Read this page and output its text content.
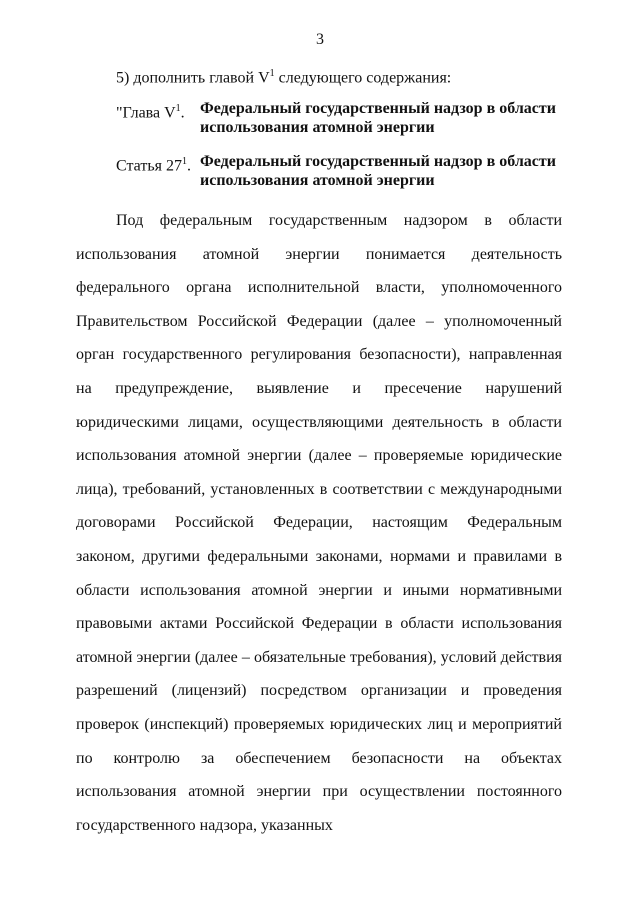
3
5) дополнить главой $V^1$ следующего содержания:
"Глава $V^1$. Федеральный государственный надзор в области использования атомной энергии
Статья $27^1$. Федеральный государственный надзор в области использования атомной энергии

Под федеральным государственным надзором в области использования атомной энергии понимается деятельность федерального органа исполнительной власти, уполномоченного Правительством Российской Федерации (далее – уполномоченный орган государственного регулирования безопасности), направленная на предупреждение, выявление и пресечение нарушений юридическими лицами, осуществляющими деятельность в области использования атомной энергии (далее – проверяемые юридические лица), требований, установленных в соответствии с международными договорами Российской Федерации, настоящим Федеральным законом, другими федеральными законами, нормами и правилами в области использования атомной энергии и иными нормативными правовыми актами Российской Федерации в области использования атомной энергии (далее – обязательные требования), условий действия разрешений (лицензий) посредством организации и проведения проверок (инспекций) проверяемых юридических лиц и мероприятий по контролю за обеспечением безопасности на объектах использования атомной энергии при осуществлении постоянного государственного надзора, указанных
